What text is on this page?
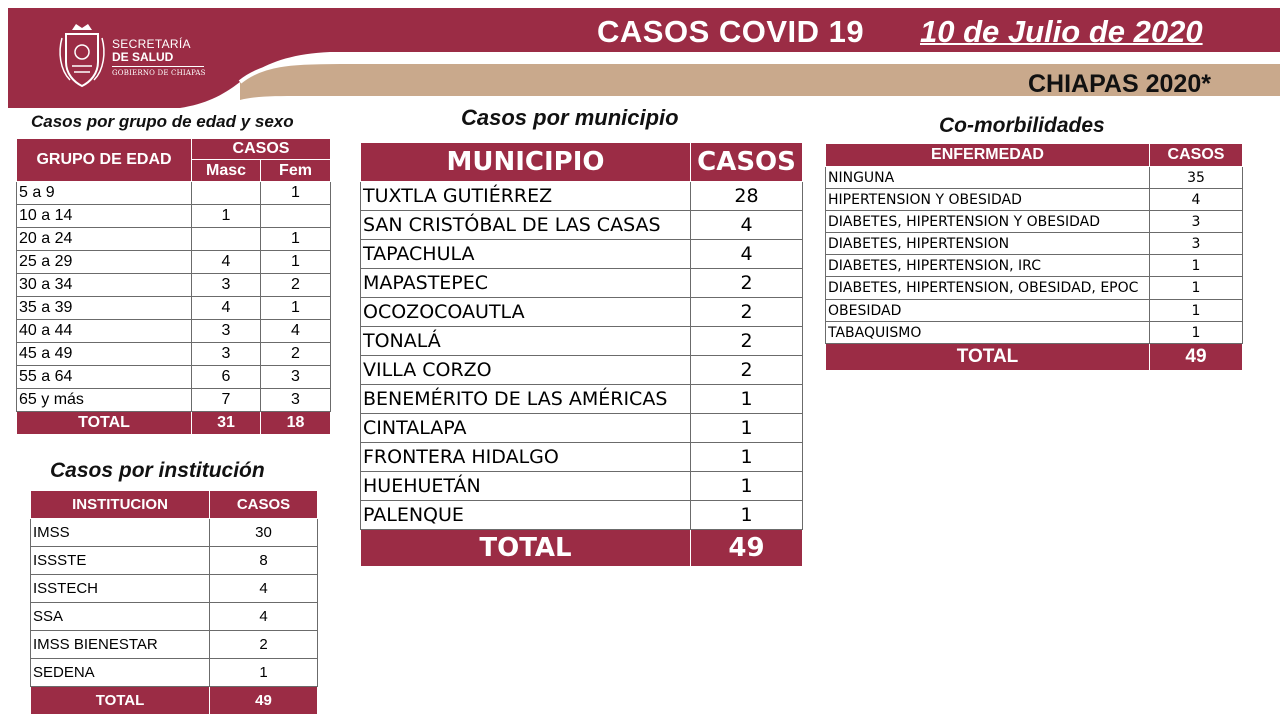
SECRETARÍA
DE SALUD
GOBIERNO DE CHIAPAS
CASOS COVID 19 10 de Julio de 2020
CHIAPAS 2020*
Casos por grupo de edad y sexo
GRUPO DE EDAD	CASOS	
	Masc	Fem
5 a 9		1
10 a 14	1	
20 a 24		1
25 a 29	4	1
30 a 34	3	2
35 a 39	4	1
40 a 44	3	4
45 a 49	3	2
55 a 64	6	3
65 y más	7	3
TOTAL	31	18
Casos por institución
INSTITUCION	CASOS
IMSS	30
ISSSTE	8
ISSTECH	4
SSA	4
IMSS BIENESTAR	2
SEDENA	1
TOTAL	49
Casos por municipio
MUNICIPIO	CASOS
TUXTLA GUTIÉRREZ	28
SAN CRISTÓBAL DE LAS CASAS	4
TAPACHULA	4
MAPASTEPEC	2
OCOZOCOAUTLA	2
TONALÁ	2
VILLA CORZO	2
BENEMÉRITO DE LAS AMÉRICAS	1
CINTALAPA	1
FRONTERA HIDALGO	1
HUEHUETÁN	1
PALENQUE	1
TOTAL	49
Co-morbilidades
ENFERMEDAD	CASOS
NINGUNA	35
HIPERTENSION Y OBESIDAD	4
DIABETES, HIPERTENSION Y OBESIDAD	3
DIABETES, HIPERTENSION	3
DIABETES, HIPERTENSION, IRC	1
DIABETES, HIPERTENSION, OBESIDAD, EPOC	1
OBESIDAD	1
TABAQUISMO	1
TOTAL	49
